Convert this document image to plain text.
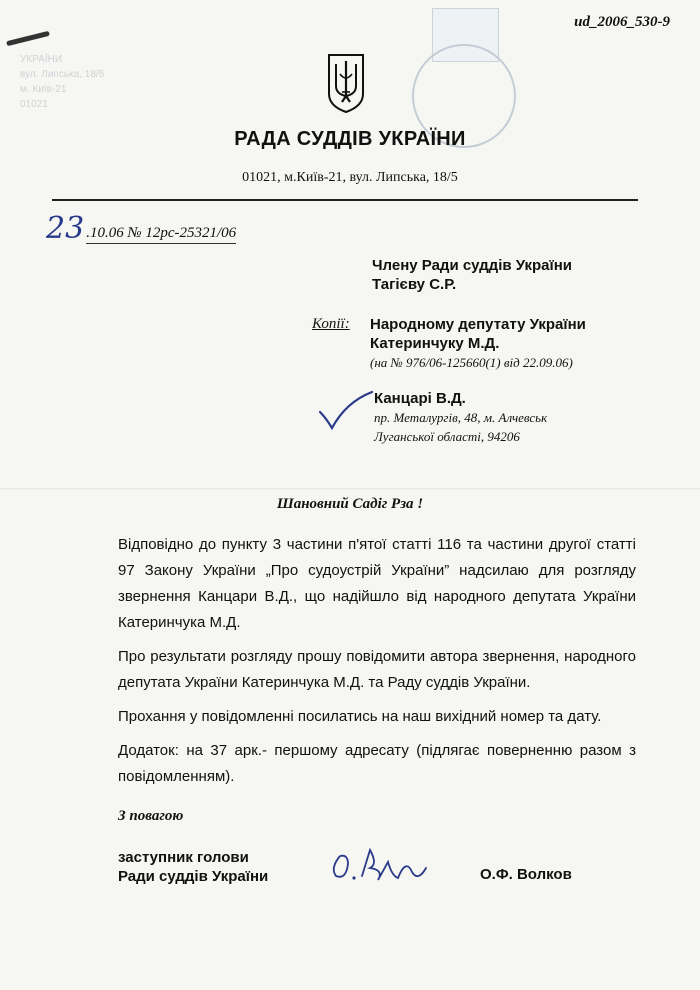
УКРАЇНИ
вул. Липська, 18/5
м. Київ-21
01021
ud_2006_530-9
РАДА СУДДІВ УКРАЇНИ
01021, м.Київ-21, вул. Липська, 18/5
23 .10.06 № 12рс-25321/06
Члену Ради суддів України
Тагієву С.Р.
Копії: Народному депутату України
Катеринчуку М.Д.
(на № 976/06-125660(1) від 22.09.06)
Канцарі В.Д.
пр. Металургів, 48, м. Алчевськ
Луганської області, 94206
Шановний Садіг Рза !

Відповідно до пункту 3 частини п'ятої статті 116 та частини другої статті 97 Закону України „Про судоустрій України” надсилаю для розгляду звернення Канцари В.Д., що надійшло від народного депутата України Катеринчука М.Д.

Про результати розгляду прошу повідомити автора звернення, народного депутата України Катеринчука М.Д. та Раду суддів України.

Прохання у повідомленні посилатись на наш вихідний номер та дату.

Додаток: на 37 арк.- першому адресату (підлягає поверненню разом з повідомленням).

З повагою
заступник голови
Ради суддів України	О.Ф. Волков
